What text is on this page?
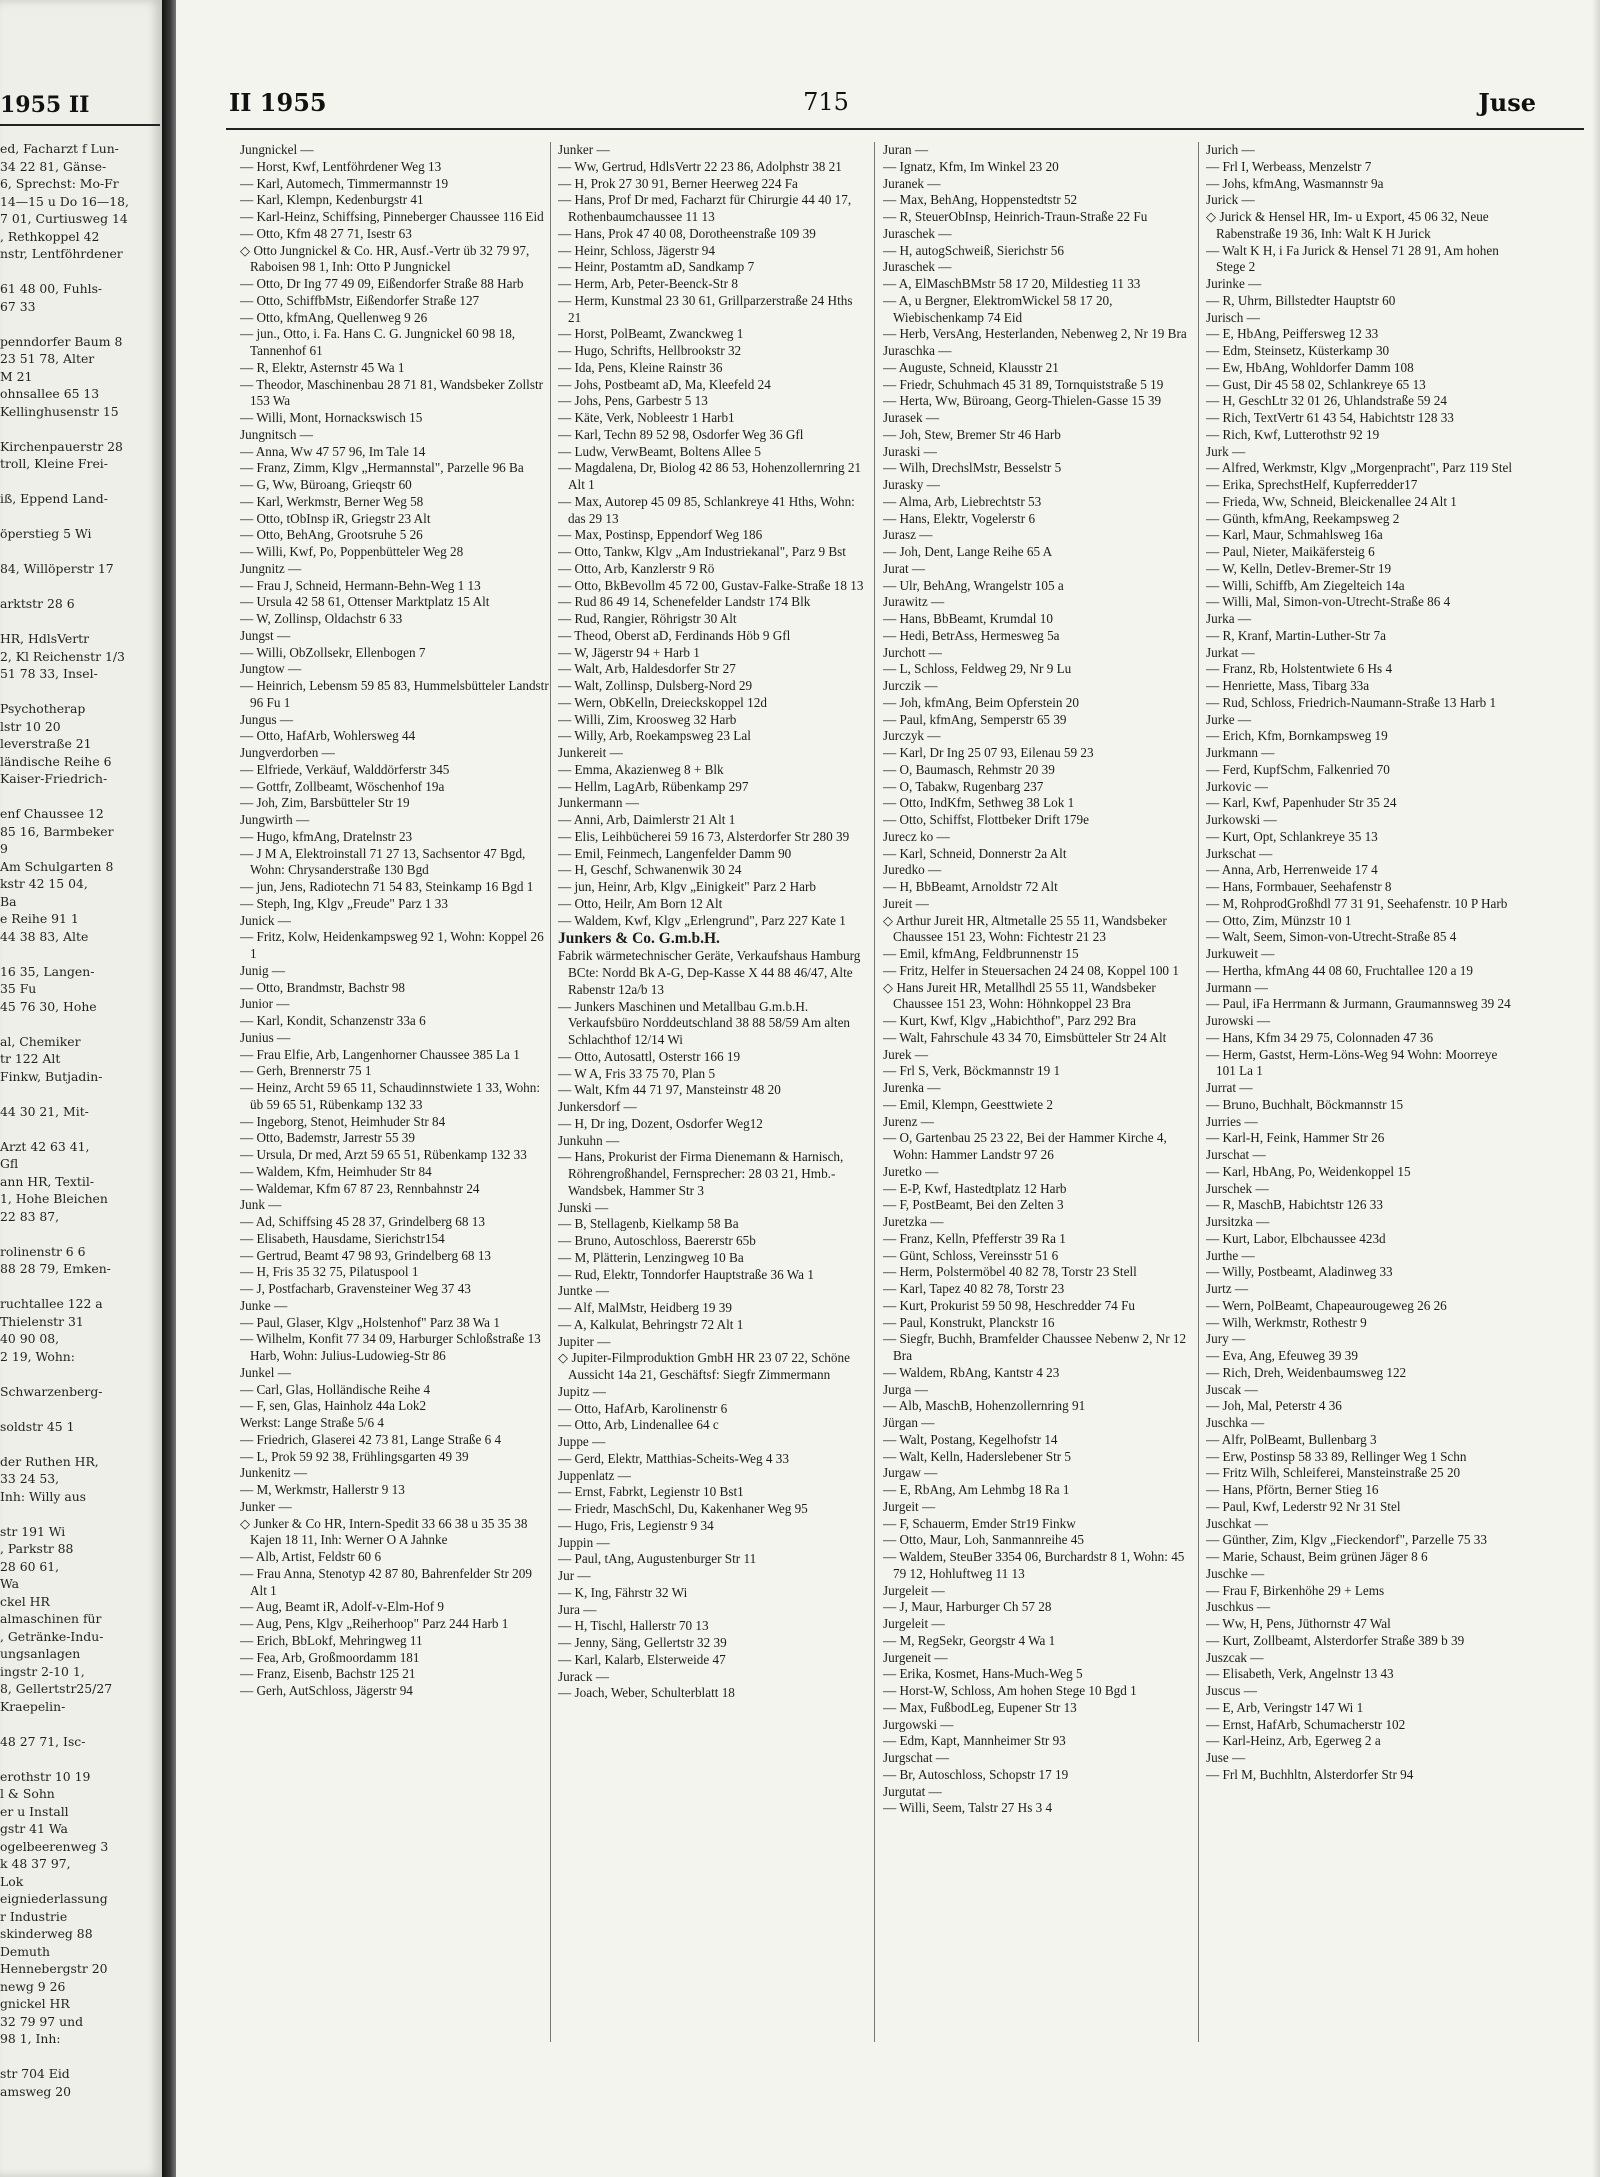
1955 II
ed, Facharzt f Lun-
34 22 81, Gänse-
6, Sprechst: Mo-Fr
14—15 u Do 16—18,
7 01, Curtiusweg 14
, Rethkoppel 42
nstr, Lentföhrdener

61 48 00, Fuhls-
67 33

penndorfer Baum 8
23 51 78, Alter
M 21
ohnsallee 65 13
Kellinghusenstr 15

Kirchenpauerstr 28
troll, Kleine Frei-

iß, Eppend Land-

öperstieg 5 Wi

84, Willöperstr 17

arktstr 28 6

HR, HdlsVertr
2, Kl Reichenstr 1/3
51 78 33, Insel-

Psychotherap
lstr 10 20
leverstraße 21
ländische Reihe 6
Kaiser-Friedrich-

enf Chaussee 12
85 16, Barmbeker
9
Am Schulgarten 8
kstr 42 15 04,
Ba
e Reihe 91 1
44 38 83, Alte

16 35, Langen-
35 Fu
45 76 30, Hohe

al, Chemiker
tr 122 Alt
Finkw, Butjadin-

44 30 21, Mit-

Arzt 42 63 41,
Gfl
ann HR, Textil-
1, Hohe Bleichen
22 83 87,

rolinenstr 6 6
88 28 79, Emken-

ruchtallee 122 a
Thielenstr 31
40 90 08,
2 19, Wohn:

Schwarzenberg-

soldstr 45 1

der Ruthen HR,
33 24 53,
Inh: Willy aus

str 191 Wi
, Parkstr 88
28 60 61,
Wa
ckel HR
almaschinen für
, Getränke-Indu-
ungsanlagen
ingstr 2-10 1,
8, Gellertstr25/27
Kraepelin-

48 27 71, Isc-

erothstr 10 19
l & Sohn
er u Install
gstr 41 Wa
ogelbeerenweg 3
k 48 37 97,
Lok
eigniederlassung
r Industrie
skinderweg 88
Demuth
Hennebergstr 20
newg 9 26
gnickel HR
32 79 97 und
98 1, Inh:

str 704 Eid
amsweg 20
II 1955	715	Juse
Jungnickel —
— Horst, Kwf, Lentföhrdener Weg 13
— Karl, Automech, Timmermannstr 19
— Karl, Klempn, Kedenburgstr 41
— Karl-Heinz, Schiffsing, Pinneberger Chaussee 116 Eid
— Otto, Kfm 48 27 71, Isestr 63
◇ Otto Jungnickel & Co. HR, Ausf.-Vertr üb 32 79 97, Raboisen 98 1, Inh: Otto P Jungnickel
— Otto, Dr Ing 77 49 09, Eißendorfer Straße 88 Harb
— Otto, SchiffbMstr, Eißendorfer Straße 127
— Otto, kfmAng, Quellenweg 9 26
— jun., Otto, i. Fa. Hans C. G. Jungnickel 60 98 18, Tannenhof 61
— R, Elektr, Asternstr 45 Wa 1
— Theodor, Maschinenbau 28 71 81, Wandsbeker Zollstr 153 Wa
— Willi, Mont, Hornackswisch 15
Jungnitsch —
— Anna, Ww 47 57 96, Im Tale 14
— Franz, Zimm, Klgv „Hermannstal", Parzelle 96 Ba
— G, Ww, Büroang, Grieqstr 60
— Karl, Werkmstr, Berner Weg 58
— Otto, tObInsp iR, Griegstr 23 Alt
— Otto, BehAng, Grootsruhe 5 26
— Willi, Kwf, Po, Poppenbütteler Weg 28
Jungnitz —
— Frau J, Schneid, Hermann-Behn-Weg 1 13
— Ursula 42 58 61, Ottenser Marktplatz 15 Alt
— W, Zollinsp, Oldachstr 6 33
Jungst —
— Willi, ObZollsekr, Ellenbogen 7
Jungtow —
— Heinrich, Lebensm 59 85 83, Hummelsbütteler Landstr 96 Fu 1
Jungus —
— Otto, HafArb, Wohlersweg 44
Jungverdorben —
— Elfriede, Verkäuf, Walddörferstr 345
— Gottfr, Zollbeamt, Wöschenhof 19a
— Joh, Zim, Barsbütteler Str 19
Jungwirth —
— Hugo, kfmAng, Dratelnstr 23
— J M A, Elektroinstall 71 27 13, Sachsentor 47 Bgd, Wohn: Chrysanderstraße 130 Bgd
— jun, Jens, Radiotechn 71 54 83, Steinkamp 16 Bgd 1
— Steph, Ing, Klgv „Freude" Parz 1 33
Junick —
— Fritz, Kolw, Heidenkampsweg 92 1, Wohn: Koppel 26 1
Junig —
— Otto, Brandmstr, Bachstr 98
Junior —
— Karl, Kondit, Schanzenstr 33a 6
Junius —
— Frau Elfie, Arb, Langenhorner Chaussee 385 La 1
— Gerh, Brennerstr 75 1
— Heinz, Archt 59 65 11, Schaudinnstwiete 1 33, Wohn: üb 59 65 51, Rübenkamp 132 33
— Ingeborg, Stenot, Heimhuder Str 84
— Otto, Bademstr, Jarrestr 55 39
— Ursula, Dr med, Arzt 59 65 51, Rübenkamp 132 33
— Waldem, Kfm, Heimhuder Str 84
— Waldemar, Kfm 67 87 23, Rennbahnstr 24
Junk —
— Ad, Schiffsing 45 28 37, Grindelberg 68 13
— Elisabeth, Hausdame, Sierichstr154
— Gertrud, Beamt 47 98 93, Grindelberg 68 13
— H, Fris 35 32 75, Pilatuspool 1
— J, Postfacharb, Gravensteiner Weg 37 43
Junke —
— Paul, Glaser, Klgv „Holstenhof" Parz 38 Wa 1
— Wilhelm, Konfit 77 34 09, Harburger Schloßstraße 13 Harb, Wohn: Julius-Ludowieg-Str 86
Junkel —
— Carl, Glas, Holländische Reihe 4
— F, sen, Glas, Hainholz 44a Lok2
Werkst: Lange Straße 5/6 4
— Friedrich, Glaserei 42 73 81, Lange Straße 6 4
— L, Prok 59 92 38, Frühlingsgarten 49 39
Junkenitz —
— M, Werkmstr, Hallerstr 9 13
Junker —
◇ Junker & Co HR, Intern-Spedit 33 66 38 u 35 35 38 Kajen 18 11, Inh: Werner O A Jahnke
— Alb, Artist, Feldstr 60 6
— Frau Anna, Stenotyp 42 87 80, Bahrenfelder Str 209 Alt 1
— Aug, Beamt iR, Adolf-v-Elm-Hof 9
— Aug, Pens, Klgv „Reiherhoop" Parz 244 Harb 1
— Erich, BbLokf, Mehringweg 11
— Fea, Arb, Großmoordamm 181
— Franz, Eisenb, Bachstr 125 21
— Gerh, AutSchloss, Jägerstr 94
Junker —
— Ww, Gertrud, HdlsVertr 22 23 86, Adolphstr 38 21
— H, Prok 27 30 91, Berner Heerweg 224 Fa
— Hans, Prof Dr med, Facharzt für Chirurgie 44 40 17, Rothenbaumchaussee 11 13
— Hans, Prok 47 40 08, Dorotheenstraße 109 39
— Heinr, Schloss, Jägerstr 94
— Heinr, Postamtm aD, Sandkamp 7
— Herm, Arb, Peter-Beenck-Str 8
— Herm, Kunstmal 23 30 61, Grillparzerstraße 24 Hths 21
— Horst, PolBeamt, Zwanckweg 1
— Hugo, Schrifts, Hellbrookstr 32
— Ida, Pens, Kleine Rainstr 36
— Johs, Postbeamt aD, Ma, Kleefeld 24
— Johs, Pens, Garbestr 5 13
— Käte, Verk, Nobleestr 1 Harb1
— Karl, Techn 89 52 98, Osdorfer Weg 36 Gfl
— Ludw, VerwBeamt, Boltens Allee 5
— Magdalena, Dr, Biolog 42 86 53, Hohenzollernring 21 Alt 1
— Max, Autorep 45 09 85, Schlankreye 41 Hths, Wohn: das 29 13
— Max, Postinsp, Eppendorf Weg 186
— Otto, Tankw, Klgv „Am Industriekanal", Parz 9 Bst
— Otto, Arb, Kanzlerstr 9 Rö
— Otto, BkBevollm 45 72 00, Gustav-Falke-Straße 18 13
— Rud 86 49 14, Schenefelder Landstr 174 Blk
— Rud, Rangier, Röhrigstr 30 Alt
— Theod, Oberst aD, Ferdinands Höb 9 Gfl
— W, Jägerstr 94 + Harb 1
— Walt, Arb, Haldesdorfer Str 27
— Walt, Zollinsp, Dulsberg-Nord 29
— Wern, ObKelln, Dreieckskoppel 12d
— Willi, Zim, Kroosweg 32 Harb
— Willy, Arb, Roekampsweg 23 Lal
Junkereit —
— Emma, Akazienweg 8 + Blk
— Hellm, LagArb, Rübenkamp 297
Junkermann —
— Anni, Arb, Daimlerstr 21 Alt 1
— Elis, Leihbücherei 59 16 73, Alsterdorfer Str 280 39
— Emil, Feinmech, Langenfelder Damm 90
— H, Geschf, Schwanenwik 30 24
— jun, Heinr, Arb, Klgv „Einigkeit" Parz 2 Harb
— Otto, Heilr, Am Born 12 Alt
— Waldem, Kwf, Klgv „Erlengrund", Parz 227 Kate 1
Junkers & Co. G.m.b.H.
Fabrik wärmetechnischer Geräte, Verkaufshaus Hamburg BCte: Nordd Bk A-G, Dep-Kasse X 44 88 46/47, Alte Rabenstr 12a/b 13
— Junkers Maschinen und Metallbau G.m.b.H. Verkaufsbüro Norddeutschland 38 88 58/59 Am alten Schlachthof 12/14 Wi
— Otto, Autosattl, Osterstr 166 19
— W A, Fris 33 75 70, Plan 5
— Walt, Kfm 44 71 97, Mansteinstr 48 20
Junkersdorf —
— H, Dr ing, Dozent, Osdorfer Weg12
Junkuhn —
— Hans, Prokurist der Firma Dienemann & Harnisch, Röhrengroßhandel, Fernsprecher: 28 03 21, Hmb.-Wandsbek, Hammer Str 3
Junski —
— B, Stellagenb, Kielkamp 58 Ba
— Bruno, Autoschloss, Baererstr 65b
— M, Plätterin, Lenzingweg 10 Ba
— Rud, Elektr, Tonndorfer Hauptstraße 36 Wa 1
Juntke —
— Alf, MalMstr, Heidberg 19 39
— A, Kalkulat, Behringstr 72 Alt 1
Jupiter —
◇ Jupiter-Filmproduktion GmbH HR 23 07 22, Schöne Aussicht 14a 21, Geschäftsf: Siegfr Zimmermann
Jupitz —
— Otto, HafArb, Karolinenstr 6
— Otto, Arb, Lindenallee 64 c
Juppe —
— Gerd, Elektr, Matthias-Scheits-Weg 4 33
Juppenlatz —
— Ernst, Fabrkt, Legienstr 10 Bst1
— Friedr, MaschSchl, Du, Kakenhaner Weg 95
— Hugo, Fris, Legienstr 9 34
Juppin —
— Paul, tAng, Augustenburger Str 11
Jur —
— K, Ing, Fährstr 32 Wi
Jura —
— H, Tischl, Hallerstr 70 13
— Jenny, Säng, Gellertstr 32 39
— Karl, Kalarb, Elsterweide 47
Jurack —
— Joach, Weber, Schulterblatt 18
Juran —
— Ignatz, Kfm, Im Winkel 23 20
Juranek —
— Max, BehAng, Hoppenstedtstr 52
— R, SteuerObInsp, Heinrich-Traun-Straße 22 Fu
Juraschek —
— H, autogSchweiß, Sierichstr 56
Juraschek —
— A, ElMaschBMstr 58 17 20, Mildestieg 11 33
— A, u Bergner, ElektromWickel 58 17 20, Wiebischenkamp 74 Eid
— Herb, VersAng, Hesterlanden, Nebenweg 2, Nr 19 Bra
Juraschka —
— Auguste, Schneid, Klausstr 21
— Friedr, Schuhmach 45 31 89, Tornquiststraße 5 19
— Herta, Ww, Büroang, Georg-Thielen-Gasse 15 39
Jurasek —
— Joh, Stew, Bremer Str 46 Harb
Juraski —
— Wilh, DrechslMstr, Besselstr 5
Jurasky —
— Alma, Arb, Liebrechtstr 53
— Hans, Elektr, Vogelerstr 6
Jurasz —
— Joh, Dent, Lange Reihe 65 A
Jurat —
— Ulr, BehAng, Wrangelstr 105 a
Jurawitz —
— Hans, BbBeamt, Krumdal 10
— Hedi, BetrAss, Hermesweg 5a
Jurchott —
— L, Schloss, Feldweg 29, Nr 9 Lu
Jurczik —
— Joh, kfmAng, Beim Opferstein 20
— Paul, kfmAng, Semperstr 65 39
Jurczyk —
— Karl, Dr Ing 25 07 93, Eilenau 59 23
— O, Baumasch, Rehmstr 20 39
— O, Tabakw, Rugenbarg 237
— Otto, IndKfm, Sethweg 38 Lok 1
— Otto, Schiffst, Flottbeker Drift 179e
Jurecz ko —
— Karl, Schneid, Donnerstr 2a Alt
Juredko —
— H, BbBeamt, Arnoldstr 72 Alt
Jureit —
◇ Arthur Jureit HR, Altmetalle 25 55 11, Wandsbeker Chaussee 151 23, Wohn: Fichtestr 21 23
— Emil, kfmAng, Feldbrunnenstr 15
— Fritz, Helfer in Steuersachen 24 24 08, Koppel 100 1
◇ Hans Jureit HR, Metallhdl 25 55 11, Wandsbeker Chaussee 151 23, Wohn: Höhnkoppel 23 Bra
— Kurt, Kwf, Klgv „Habichthof", Parz 292 Bra
— Walt, Fahrschule 43 34 70, Eimsbütteler Str 24 Alt
Jurek —
— Frl S, Verk, Böckmannstr 19 1
Jurenka —
— Emil, Klempn, Geesttwiete 2
Jurenz —
— O, Gartenbau 25 23 22, Bei der Hammer Kirche 4, Wohn: Hammer Landstr 97 26
Juretko —
— E-P, Kwf, Hastedtplatz 12 Harb
— F, PostBeamt, Bei den Zelten 3
Juretzka —
— Franz, Kelln, Pfefferstr 39 Ra 1
— Günt, Schloss, Vereinsstr 51 6
— Herm, Polstermöbel 40 82 78, Torstr 23 Stell
— Karl, Tapez 40 82 78, Torstr 23
— Kurt, Prokurist 59 50 98, Heschredder 74 Fu
— Paul, Konstrukt, Planckstr 16
— Siegfr, Buchh, Bramfelder Chaussee Nebenw 2, Nr 12 Bra
— Waldem, RbAng, Kantstr 4 23
Jurga —
— Alb, MaschB, Hohenzollernring 91
Jürgan —
— Walt, Postang, Kegelhofstr 14
— Walt, Kelln, Haderslebener Str 5
Jurgaw —
— E, RbAng, Am Lehmbg 18 Ra 1
Jurgeit —
— F, Schauerm, Emder Str19 Finkw
— Otto, Maur, Loh, Sanmannreihe 45
— Waldem, SteuBer 3354 06, Burchardstr 8 1, Wohn: 45 79 12, Hohluftweg 11 13
Jurgeleit —
— J, Maur, Harburger Ch 57 28
Jurgeleit —
— M, RegSekr, Georgstr 4 Wa 1
Jurgeneit —
— Erika, Kosmet, Hans-Much-Weg 5
— Horst-W, Schloss, Am hohen Stege 10 Bgd 1
— Max, FußbodLeg, Eupener Str 13
Jurgowski —
— Edm, Kapt, Mannheimer Str 93
Jurgschat —
— Br, Autoschloss, Schopstr 17 19
Jurgutat —
— Willi, Seem, Talstr 27 Hs 3 4
Jurich —
— Frl I, Werbeass, Menzelstr 7
— Johs, kfmAng, Wasmannstr 9a
Jurick —
◇ Jurick & Hensel HR, Im- u Export, 45 06 32, Neue Rabenstraße 19 36, Inh: Walt K H Jurick
— Walt K H, i Fa Jurick & Hensel 71 28 91, Am hohen Stege 2
Jurinke —
— R, Uhrm, Billstedter Hauptstr 60
Jurisch —
— E, HbAng, Peiffersweg 12 33
— Edm, Steinsetz, Küsterkamp 30
— Ew, HbAng, Wohldorfer Damm 108
— Gust, Dir 45 58 02, Schlankreye 65 13
— H, GeschLtr 32 01 26, Uhlandstraße 59 24
— Rich, TextVertr 61 43 54, Habichtstr 128 33
— Rich, Kwf, Lutterothstr 92 19
Jurk —
— Alfred, Werkmstr, Klgv „Morgenpracht", Parz 119 Stel
— Erika, SprechstHelf, Kupferredder17
— Frieda, Ww, Schneid, Bleickenallee 24 Alt 1
— Günth, kfmAng, Reekampsweg 2
— Karl, Maur, Schmahlsweg 16a
— Paul, Nieter, Maikäfersteig 6
— W, Kelln, Detlev-Bremer-Str 19
— Willi, Schiffb, Am Ziegelteich 14a
— Willi, Mal, Simon-von-Utrecht-Straße 86 4
Jurka —
— R, Kranf, Martin-Luther-Str 7a
Jurkat —
— Franz, Rb, Holstentwiete 6 Hs 4
— Henriette, Mass, Tibarg 33a
— Rud, Schloss, Friedrich-Naumann-Straße 13 Harb 1
Jurke —
— Erich, Kfm, Bornkampsweg 19
Jurkmann —
— Ferd, KupfSchm, Falkenried 70
Jurkovic —
— Karl, Kwf, Papenhuder Str 35 24
Jurkowski —
— Kurt, Opt, Schlankreye 35 13
Jurkschat —
— Anna, Arb, Herrenweide 17 4
— Hans, Formbauer, Seehafenstr 8
— M, RohprodGroßhdl 77 31 91, Seehafenstr. 10 P Harb
— Otto, Zim, Münzstr 10 1
— Walt, Seem, Simon-von-Utrecht-Straße 85 4
Jurkuweit —
— Hertha, kfmAng 44 08 60, Fruchtallee 120 a 19
Jurmann —
— Paul, iFa Herrmann & Jurmann, Graumannsweg 39 24
Jurowski —
— Hans, Kfm 34 29 75, Colonnaden 47 36
— Herm, Gastst, Herm-Löns-Weg 94 Wohn: Moorreye 101 La 1
Jurrat —
— Bruno, Buchhalt, Böckmannstr 15
Jurries —
— Karl-H, Feink, Hammer Str 26
Jurschat —
— Karl, HbAng, Po, Weidenkoppel 15
Jurschek —
— R, MaschB, Habichtstr 126 33
Jursitzka —
— Kurt, Labor, Elbchaussee 423d
Jurthe —
— Willy, Postbeamt, Aladinweg 33
Jurtz —
— Wern, PolBeamt, Chapeaurougeweg 26 26
— Wilh, Werkmstr, Rothestr 9
Jury —
— Eva, Ang, Efeuweg 39 39
— Rich, Dreh, Weidenbaumsweg 122
Juscak —
— Joh, Mal, Peterstr 4 36
Juschka —
— Alfr, PolBeamt, Bullenbarg 3
— Erw, Postinsp 58 33 89, Rellinger Weg 1 Schn
— Fritz Wilh, Schleiferei, Mansteinstraße 25 20
— Hans, Pförtn, Berner Stieg 16
— Paul, Kwf, Lederstr 92 Nr 31 Stel
Juschkat —
— Günther, Zim, Klgv „Fieckendorf", Parzelle 75 33
— Marie, Schaust, Beim grünen Jäger 8 6
Juschke —
— Frau F, Birkenhöhe 29 + Lems
Juschkus —
— Ww, H, Pens, Jüthornstr 47 Wal
— Kurt, Zollbeamt, Alsterdorfer Straße 389 b 39
Juszcak —
— Elisabeth, Verk, Angelnstr 13 43
Juscus —
— E, Arb, Veringstr 147 Wi 1
— Ernst, HafArb, Schumacherstr 102
— Karl-Heinz, Arb, Egerweg 2 a
Juse —
— Frl M, Buchhltn, Alsterdorfer Str 94
